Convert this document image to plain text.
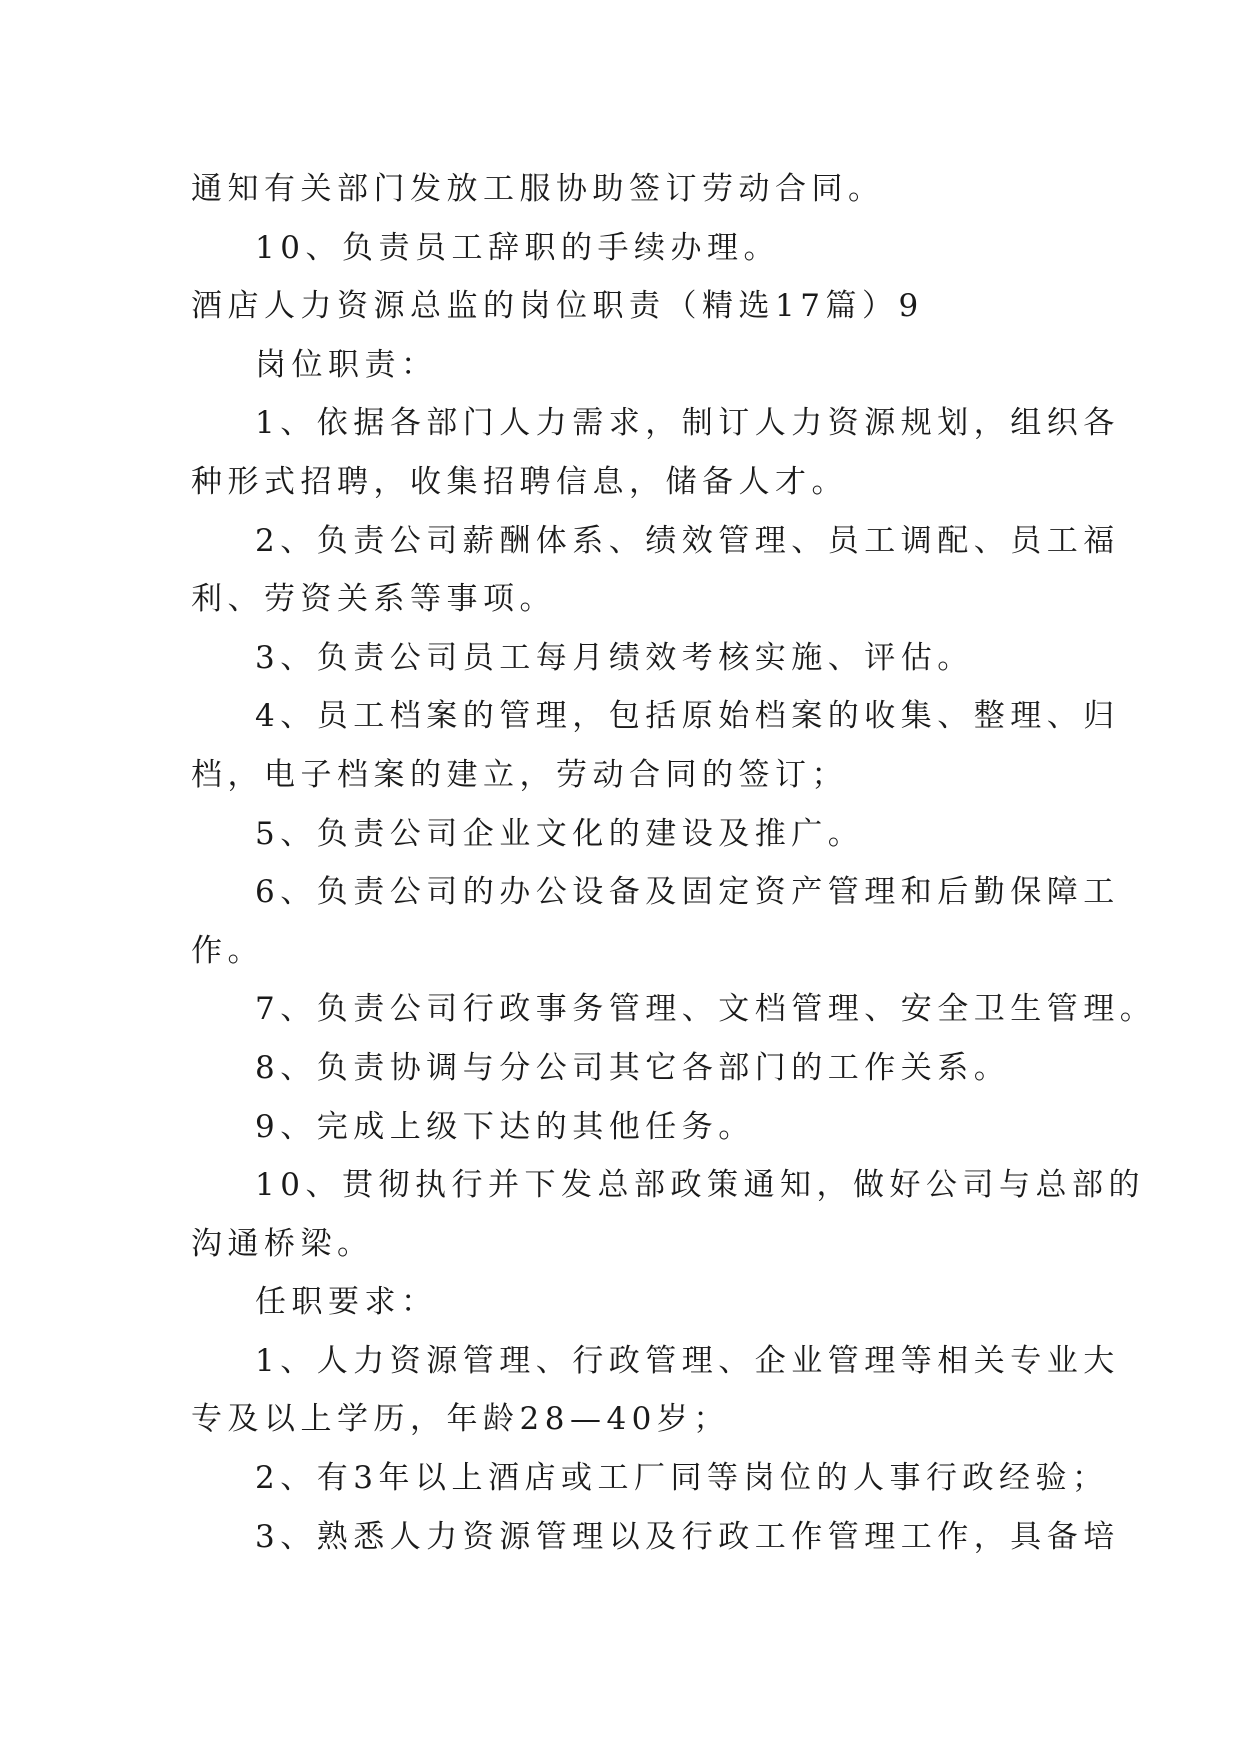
通知有关部门发放工服协助签订劳动合同。
10、负责员工辞职的手续办理。
酒店人力资源总监的岗位职责（精选17篇）9
岗位职责：
1、依据各部门人力需求，制订人力资源规划，组织各
种形式招聘，收集招聘信息，储备人才。
2、负责公司薪酬体系、绩效管理、员工调配、员工福
利、劳资关系等事项。
3、负责公司员工每月绩效考核实施、评估。
4、员工档案的管理，包括原始档案的收集、整理、归
档，电子档案的建立，劳动合同的签订；
5、负责公司企业文化的建设及推广。
6、负责公司的办公设备及固定资产管理和后勤保障工
作。
7、负责公司行政事务管理、文档管理、安全卫生管理。
8、负责协调与分公司其它各部门的工作关系。
9、完成上级下达的其他任务。
10、贯彻执行并下发总部政策通知，做好公司与总部的
沟通桥梁。
任职要求：
1、人力资源管理、行政管理、企业管理等相关专业大
专及以上学历，年龄28—40岁；
2、有3年以上酒店或工厂同等岗位的人事行政经验；
3、熟悉人力资源管理以及行政工作管理工作，具备培
